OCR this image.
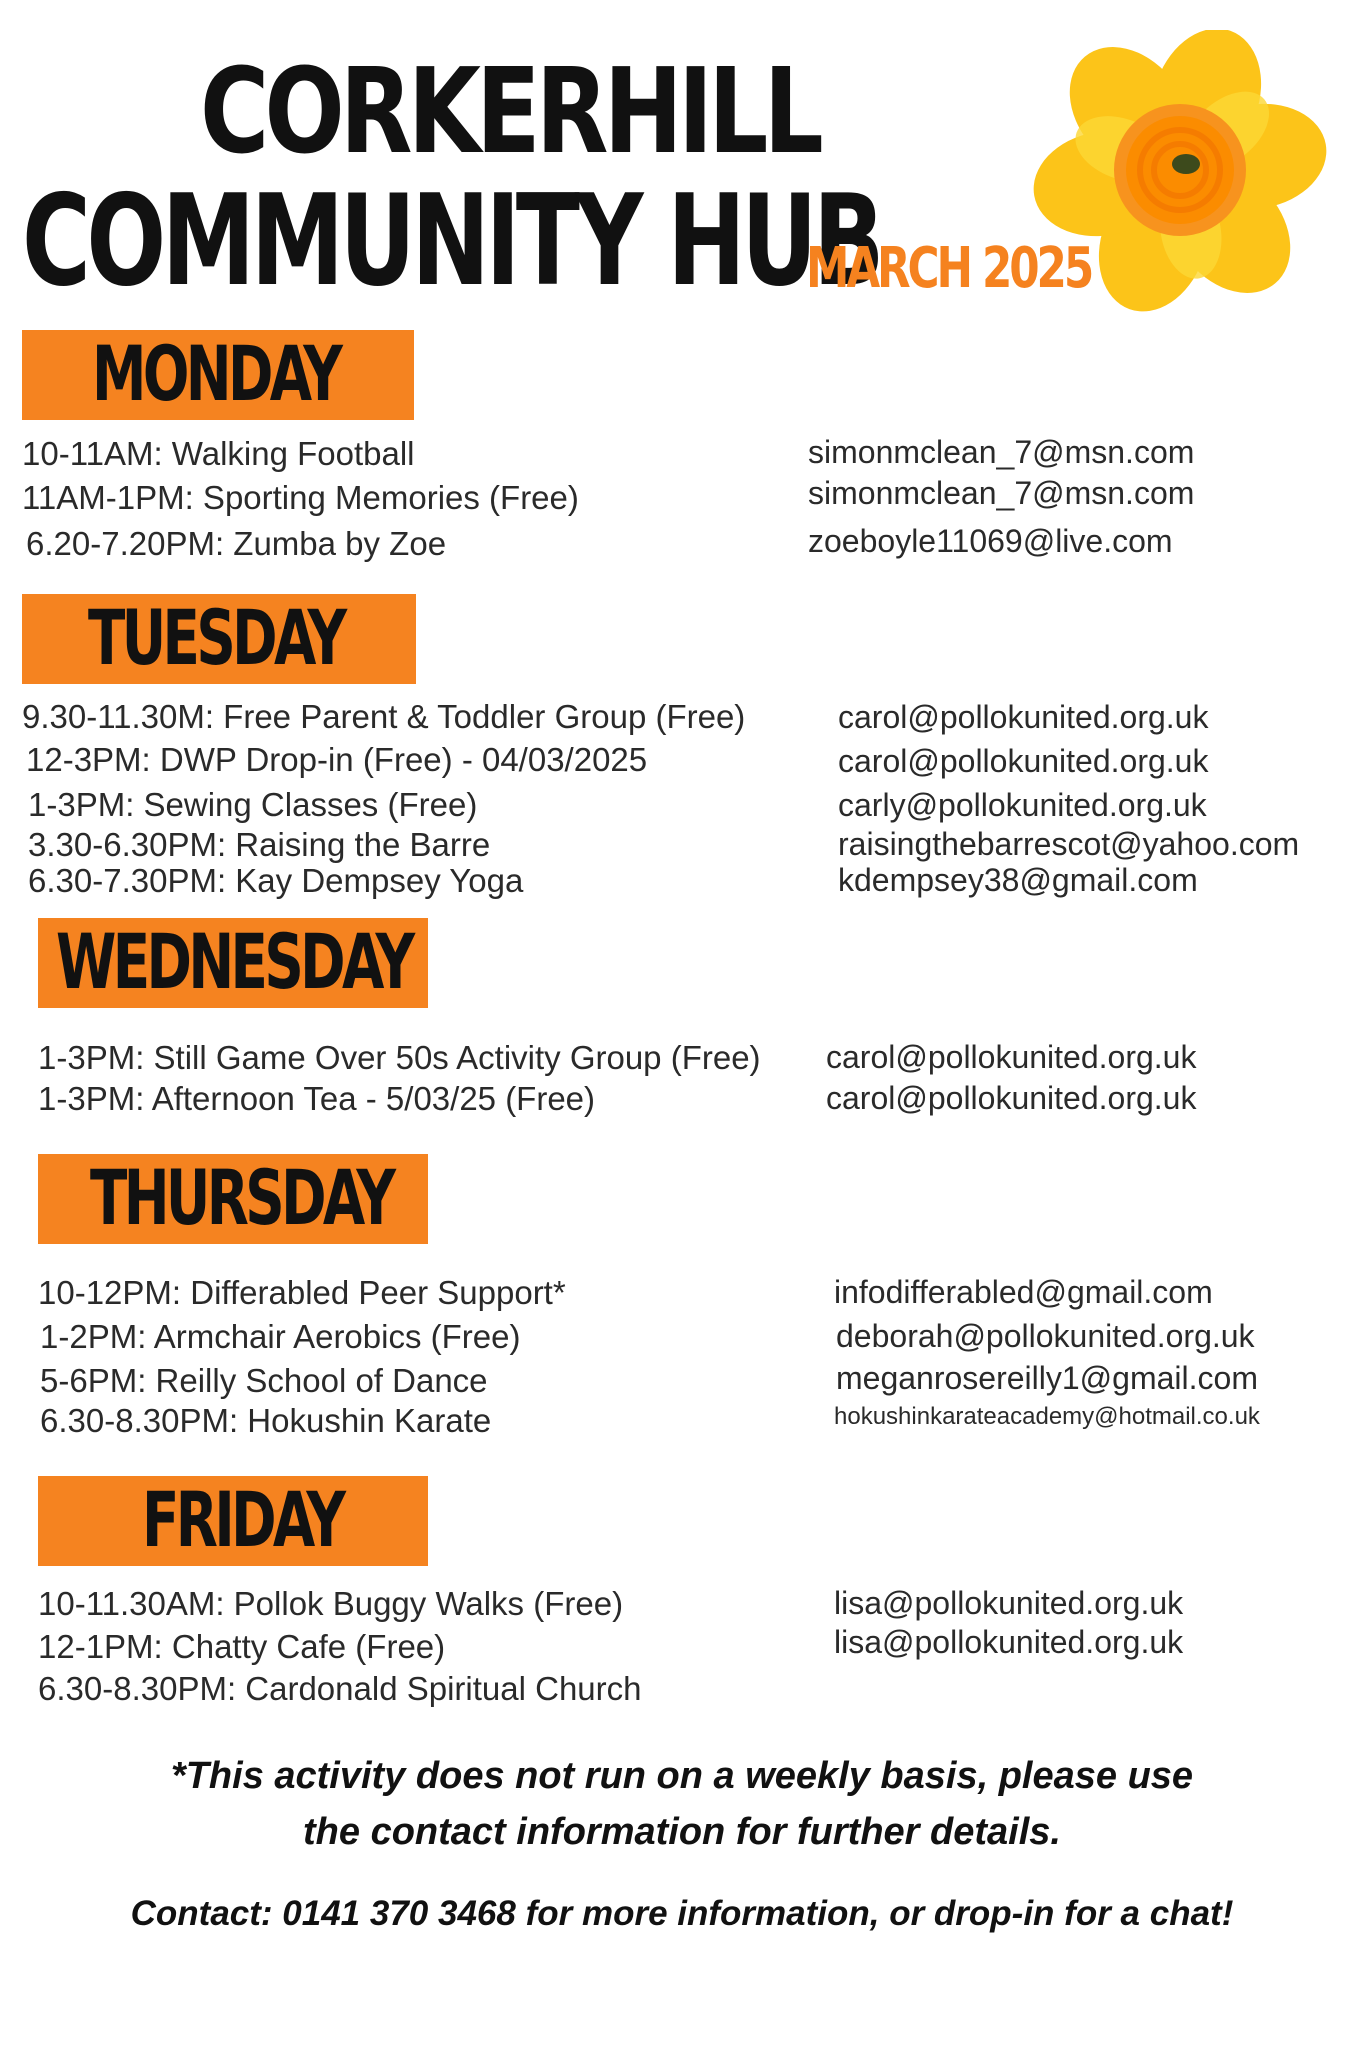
CORKERHILL
COMMUNITY HUB
MARCH 2025
MONDAY
10-11AM: Walking Football	simonmclean_7@msn.com
11AM-1PM: Sporting Memories (Free)	simonmclean_7@msn.com
6.20-7.20PM: Zumba by Zoe	zoeboyle11069@live.com
TUESDAY
9.30-11.30M: Free Parent & Toddler Group (Free)	carol@pollokunited.org.uk
12-3PM: DWP Drop-in (Free) - 04/03/2025	carol@pollokunited.org.uk
1-3PM: Sewing Classes (Free)	carly@pollokunited.org.uk
3.30-6.30PM: Raising the Barre	raisingthebarrescot@yahoo.com
6.30-7.30PM: Kay Dempsey Yoga	kdempsey38@gmail.com
WEDNESDAY
1-3PM: Still Game Over 50s Activity Group (Free) carol@pollokunited.org.uk
1-3PM: Afternoon Tea - 5/03/25 (Free)	carol@pollokunited.org.uk
THURSDAY
10-12PM: Differabled Peer Support*	infodifferabled@gmail.com
1-2PM: Armchair Aerobics (Free)	deborah@pollokunited.org.uk
5-6PM: Reilly School of Dance	meganrosereilly1@gmail.com
6.30-8.30PM: Hokushin Karate	hokushinkarateacademy@hotmail.co.uk
FRIDAY
10-11.30AM: Pollok Buggy Walks (Free)	lisa@pollokunited.org.uk
12-1PM: Chatty Cafe (Free)	lisa@pollokunited.org.uk
6.30-8.30PM: Cardonald Spiritual Church
*This activity does not run on a weekly basis, please use
the contact information for further details.
Contact: 0141 370 3468 for more information, or drop-in for a chat!
